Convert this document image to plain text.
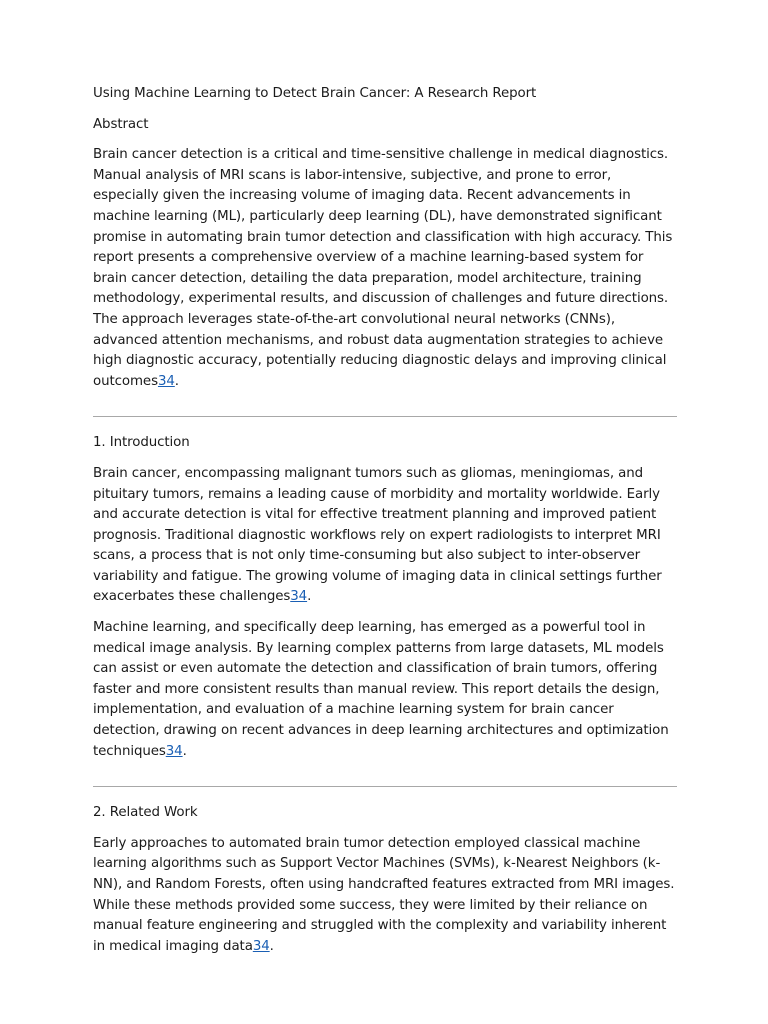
Using Machine Learning to Detect Brain Cancer: A Research Report

Abstract

Brain cancer detection is a critical and time-sensitive challenge in medical diagnostics. Manual analysis of MRI scans is labor-intensive, subjective, and prone to error, especially given the increasing volume of imaging data. Recent advancements in machine learning (ML), particularly deep learning (DL), have demonstrated significant promise in automating brain tumor detection and classification with high accuracy. This report presents a comprehensive overview of a machine learning-based system for brain cancer detection, detailing the data preparation, model architecture, training methodology, experimental results, and discussion of challenges and future directions. The approach leverages state-of-the-art convolutional neural networks (CNNs), advanced attention mechanisms, and robust data augmentation strategies to achieve high diagnostic accuracy, potentially reducing diagnostic delays and improving clinical outcomes34.

1. Introduction

Brain cancer, encompassing malignant tumors such as gliomas, meningiomas, and pituitary tumors, remains a leading cause of morbidity and mortality worldwide. Early and accurate detection is vital for effective treatment planning and improved patient prognosis. Traditional diagnostic workflows rely on expert radiologists to interpret MRI scans, a process that is not only time-consuming but also subject to inter-observer variability and fatigue. The growing volume of imaging data in clinical settings further exacerbates these challenges34.

Machine learning, and specifically deep learning, has emerged as a powerful tool in medical image analysis. By learning complex patterns from large datasets, ML models can assist or even automate the detection and classification of brain tumors, offering faster and more consistent results than manual review. This report details the design, implementation, and evaluation of a machine learning system for brain cancer detection, drawing on recent advances in deep learning architectures and optimization techniques34.

2. Related Work

Early approaches to automated brain tumor detection employed classical machine learning algorithms such as Support Vector Machines (SVMs), k-Nearest Neighbors (k-NN), and Random Forests, often using handcrafted features extracted from MRI images. While these methods provided some success, they were limited by their reliance on manual feature engineering and struggled with the complexity and variability inherent in medical imaging data34.
